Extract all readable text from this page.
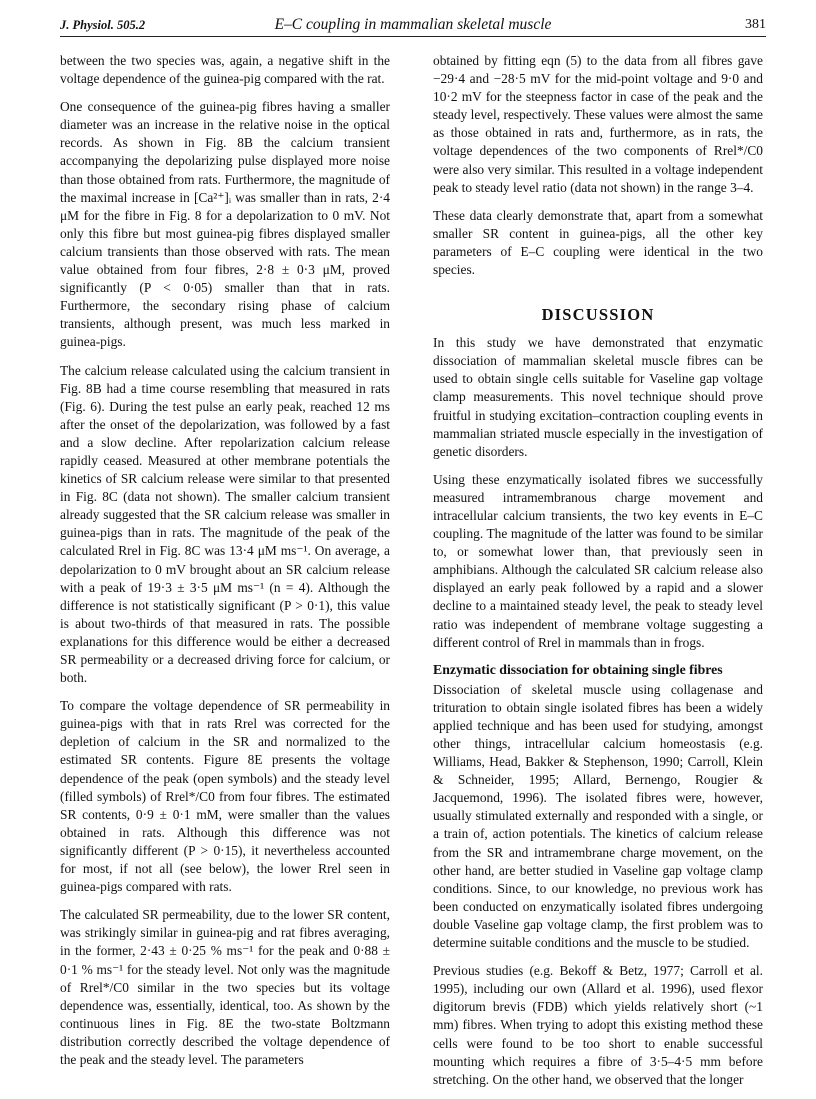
J. Physiol. 505.2	E–C coupling in mammalian skeletal muscle	381

between the two species was, again, a negative shift in the voltage dependence of the guinea-pig compared with the rat.

One consequence of the guinea-pig fibres having a smaller diameter was an increase in the relative noise in the optical records. As shown in Fig. 8B the calcium transient accompanying the depolarizing pulse displayed more noise than those obtained from rats. Furthermore, the magnitude of the maximal increase in [Ca²⁺]ᵢ was smaller than in rats, 2·4 μM for the fibre in Fig. 8 for a depolarization to 0 mV. Not only this fibre but most guinea-pig fibres displayed smaller calcium transients than those observed with rats. The mean value obtained from four fibres, 2·8 ± 0·3 μM, proved significantly (P < 0·05) smaller than that in rats. Furthermore, the secondary rising phase of calcium transients, although present, was much less marked in guinea-pigs.

The calcium release calculated using the calcium transient in Fig. 8B had a time course resembling that measured in rats (Fig. 6). During the test pulse an early peak, reached 12 ms after the onset of the depolarization, was followed by a fast and a slow decline. After repolarization calcium release rapidly ceased. Measured at other membrane potentials the kinetics of SR calcium release were similar to that presented in Fig. 8C (data not shown). The smaller calcium transient already suggested that the SR calcium release was smaller in guinea-pigs than in rats. The magnitude of the peak of the calculated Rrel in Fig. 8C was 13·4 μM ms⁻¹. On average, a depolarization to 0 mV brought about an SR calcium release with a peak of 19·3 ± 3·5 μM ms⁻¹ (n = 4). Although the difference is not statistically significant (P > 0·1), this value is about two-thirds of that measured in rats. The possible explanations for this difference would be either a decreased SR permeability or a decreased driving force for calcium, or both.

To compare the voltage dependence of SR permeability in guinea-pigs with that in rats Rrel was corrected for the depletion of calcium in the SR and normalized to the estimated SR contents. Figure 8E presents the voltage dependence of the peak (open symbols) and the steady level (filled symbols) of Rrel*/C0 from four fibres. The estimated SR contents, 0·9 ± 0·1 mM, were smaller than the values obtained in rats. Although this difference was not significantly different (P > 0·15), it nevertheless accounted for most, if not all (see below), the lower Rrel seen in guinea-pigs compared with rats.

The calculated SR permeability, due to the lower SR content, was strikingly similar in guinea-pig and rat fibres averaging, in the former, 2·43 ± 0·25 % ms⁻¹ for the peak and 0·88 ± 0·1 % ms⁻¹ for the steady level. Not only was the magnitude of Rrel*/C0 similar in the two species but its voltage dependence was, essentially, identical, too. As shown by the continuous lines in Fig. 8E the two-state Boltzmann distribution correctly described the voltage dependence of the peak and the steady level. The parameters

obtained by fitting eqn (5) to the data from all fibres gave −29·4 and −28·5 mV for the mid-point voltage and 9·0 and 10·2 mV for the steepness factor in case of the peak and the steady level, respectively. These values were almost the same as those obtained in rats and, furthermore, as in rats, the voltage dependences of the two components of Rrel*/C0 were also very similar. This resulted in a voltage independent peak to steady level ratio (data not shown) in the range 3–4.

These data clearly demonstrate that, apart from a somewhat smaller SR content in guinea-pigs, all the other key parameters of E–C coupling were identical in the two species.

DISCUSSION

In this study we have demonstrated that enzymatic dissociation of mammalian skeletal muscle fibres can be used to obtain single cells suitable for Vaseline gap voltage clamp measurements. This novel technique should prove fruitful in studying excitation–contraction coupling events in mammalian striated muscle especially in the investigation of genetic disorders.

Using these enzymatically isolated fibres we successfully measured intramembranous charge movement and intracellular calcium transients, the two key events in E–C coupling. The magnitude of the latter was found to be similar to, or somewhat lower than, that previously seen in amphibians. Although the calculated SR calcium release also displayed an early peak followed by a rapid and a slower decline to a maintained steady level, the peak to steady level ratio was independent of membrane voltage suggesting a different control of Rrel in mammals than in frogs.

Enzymatic dissociation for obtaining single fibres

Dissociation of skeletal muscle using collagenase and trituration to obtain single isolated fibres has been a widely applied technique and has been used for studying, amongst other things, intracellular calcium homeostasis (e.g. Williams, Head, Bakker & Stephenson, 1990; Carroll, Klein & Schneider, 1995; Allard, Bernengo, Rougier & Jacquemond, 1996). The isolated fibres were, however, usually stimulated externally and responded with a single, or a train of, action potentials. The kinetics of calcium release from the SR and intramembrane charge movement, on the other hand, are better studied in Vaseline gap voltage clamp conditions. Since, to our knowledge, no previous work has been conducted on enzymatically isolated fibres undergoing double Vaseline gap voltage clamp, the first problem was to determine suitable conditions and the muscle to be studied.

Previous studies (e.g. Bekoff & Betz, 1977; Carroll et al. 1995), including our own (Allard et al. 1996), used flexor digitorum brevis (FDB) which yields relatively short (~1 mm) fibres. When trying to adopt this existing method these cells were found to be too short to enable successful mounting which requires a fibre of 3·5–4·5 mm before stretching. On the other hand, we observed that the longer
